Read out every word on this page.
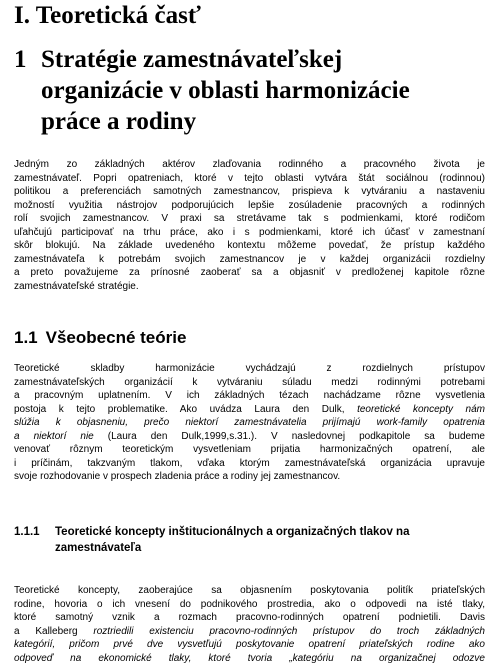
I. Teoretická časť
1 Stratégie zamestnávateľskej
organizácie v oblasti harmonizácie
práce a rodiny

Jedným zo základných aktérov zlaďovania rodinného a pracovného života je
zamestnávateľ. Popri opatreniach, ktoré v tejto oblasti vytvára štát sociálnou (rodinnou)
politikou a preferenciách samotných zamestnancov, prispieva k vytváraniu a nastaveniu
možností využitia nástrojov podporujúcich lepšie zosúladenie pracovných a rodinných
rolí svojich zamestnancov. V praxi sa stretávame tak s podmienkami, ktoré rodičom
uľahčujú participovať na trhu práce, ako i s podmienkami, ktoré ich účasť v zamestnaní
skôr blokujú. Na základe uvedeného kontextu môžeme povedať, že prístup každého
zamestnávateľa k potrebám svojich zamestnancov je v každej organizácii rozdielny
a preto považujeme za prínosné zaoberať sa a objasniť v predloženej kapitole rôzne
zamestnávateľské stratégie.

1.1 Všeobecné teórie

Teoretické skladby harmonizácie vychádzajú z rozdielnych prístupov
zamestnávateľských organizácií k vytváraniu súladu medzi rodinnými potrebami
a pracovným uplatnením. V ich základných tézach nachádzame rôzne vysvetlenia
postoja k tejto problematike. Ako uvádza Laura den Dulk, teoretické koncepty nám
slúžia k objasneniu, prečo niektorí zamestnávatelia prijímajú work-family opatrenia
a niektorí nie (Laura den Dulk,1999,s.31.). V nasledovnej podkapitole sa budeme
venovať rôznym teoretickým vysvetleniam prijatia harmonizačných opatrení, ale
i príčinám, takzvaným tlakom, vďaka ktorým zamestnávateľská organizácia upravuje
svoje rozhodovanie v prospech zladenia práce a rodiny jej zamestnancov.

1.1.1 Teoretické koncepty inštitucionálnych a organizačných tlakov na
zamestnávateľa

Teoretické koncepty, zaoberajúce sa objasnením poskytovania politík priateľských
rodine, hovoria o ich vnesení do podnikového prostredia, ako o odpovedi na isté tlaky,
ktoré samotný vznik a rozmach pracovno-rodinných opatrení podnietili. Davis
a Kalleberg roztriedili existenciu pracovno-rodinných prístupov do troch základných
kategórií, pričom prvé dve vysvetľujú poskytovanie opatrení priateľských rodine ako
odpoveď na ekonomické tlaky, ktoré tvoria „kategóriu na organizačnej odozve
